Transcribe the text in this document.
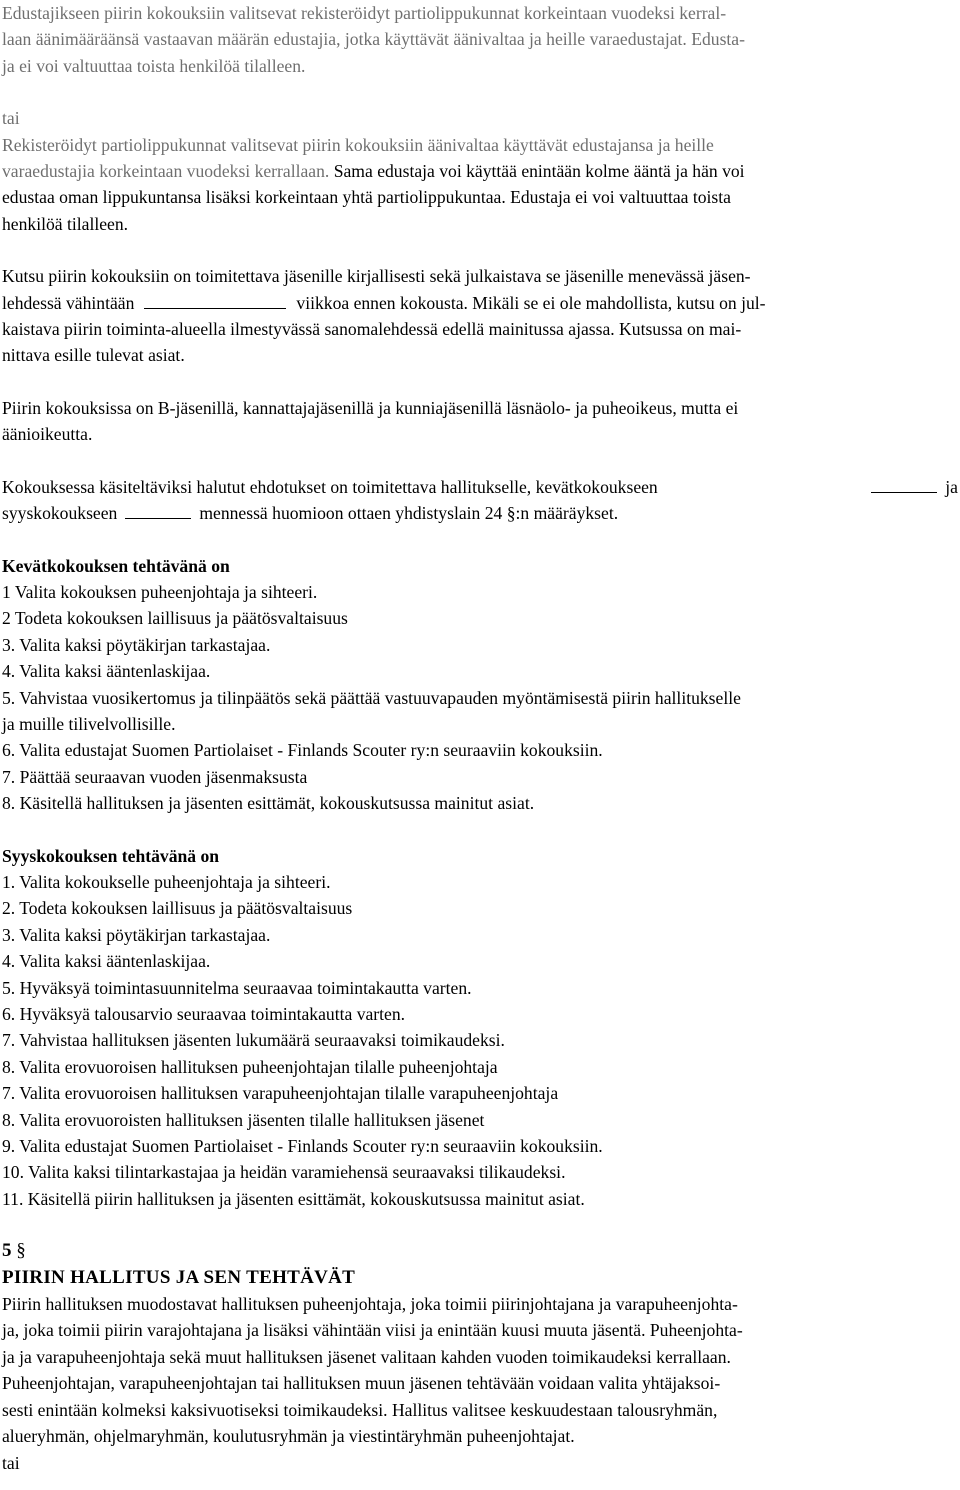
Edustajikseen piirin kokouksiin valitsevat rekisteröidyt partiolippukunnat korkeintaan vuodeksi kerral-

laan äänimääräänsä vastaavan määrän edustajia, jotka käyttävät äänivaltaa ja heille varaedustajat. Edusta-

ja ei voi valtuuttaa toista henkilöä tilalleen.

tai

Rekisteröidyt partiolippukunnat valitsevat piirin kokouksiin äänivaltaa käyttävät edustajansa ja heille

varaedustajia korkeintaan vuodeksi kerrallaan. Sama edustaja voi käyttää enintään kolme ääntä ja hän voi

edustaa oman lippukuntansa lisäksi korkeintaan yhtä partiolippukuntaa. Edustaja ei voi valtuuttaa toista

henkilöä tilalleen.

Kutsu piirin kokouksiin on toimitettava jäsenille kirjallisesti sekä julkaistava se jäsenille menevässä jäsen-

lehdessä vähintään	viikkoa ennen kokousta. Mikäli se ei ole mahdollista, kutsu on jul-

kaistava piirin toiminta-alueella ilmestyvässä sanomalehdessä edellä mainitussa ajassa. Kutsussa on mai-

nittava esille tulevat asiat.

Piirin kokouksissa on B-jäsenillä, kannattajajäsenillä ja kunniajäsenillä läsnäolo- ja puheoikeus, mutta ei

äänioikeutta.

Kokouksessa käsiteltäviksi halutut ehdotukset on toimitettava hallitukselle, kevätkokoukseen	ja

syyskokoukseen	mennessä huomioon ottaen yhdistyslain 24 §:n määräykset.

Kevätkokouksen tehtävänä on

1 Valita kokouksen puheenjohtaja ja sihteeri.
2 Todeta kokouksen laillisuus ja päätösvaltaisuus
3. Valita kaksi pöytäkirjan tarkastajaa.
4. Valita kaksi ääntenlaskijaa.
5. Vahvistaa vuosikertomus ja tilinpäätös sekä päättää vastuuvapauden myöntämisestä piirin hallitukselle
ja muille tilivelvollisille.
6. Valita edustajat Suomen Partiolaiset - Finlands Scouter ry:n seuraaviin kokouksiin.
7. Päättää seuraavan vuoden jäsenmaksusta
8. Käsitellä hallituksen ja jäsenten esittämät, kokouskutsussa mainitut asiat.

Syyskokouksen tehtävänä on

1. Valita kokoukselle puheenjohtaja ja sihteeri.
2. Todeta kokouksen laillisuus ja päätösvaltaisuus
3. Valita kaksi pöytäkirjan tarkastajaa.
4. Valita kaksi ääntenlaskijaa.
5. Hyväksyä toimintasuunnitelma seuraavaa toimintakautta varten.
6. Hyväksyä talousarvio seuraavaa toimintakautta varten.
7. Vahvistaa hallituksen jäsenten lukumäärä seuraavaksi toimikaudeksi.
8. Valita erovuoroisen hallituksen puheenjohtajan tilalle puheenjohtaja
7. Valita erovuoroisen hallituksen varapuheenjohtajan tilalle varapuheenjohtaja
8. Valita erovuoroisten hallituksen jäsenten tilalle hallituksen jäsenet
9. Valita edustajat Suomen Partiolaiset - Finlands Scouter ry:n seuraaviin kokouksiin.
10. Valita kaksi tilintarkastajaa ja heidän varamiehensä seuraavaksi tilikaudeksi.
11. Käsitellä piirin hallituksen ja jäsenten esittämät, kokouskutsussa mainitut asiat.

5 §

PIIRIN HALLITUS JA SEN TEHTÄVÄT

Piirin hallituksen muodostavat hallituksen puheenjohtaja, joka toimii piirinjohtajana ja varapuheenjohta-

ja, joka toimii piirin varajohtajana ja lisäksi vähintään viisi ja enintään kuusi muuta jäsentä. Puheenjohta-

ja ja varapuheenjohtaja sekä muut hallituksen jäsenet valitaan kahden vuoden toimikaudeksi kerrallaan.

Puheenjohtajan, varapuheenjohtajan tai hallituksen muun jäsenen tehtävään voidaan valita yhtäjaksoi-

sesti enintään kolmeksi kaksivuotiseksi toimikaudeksi. Hallitus valitsee keskuudestaan talousryhmän,

alueryhmän, ohjelmaryhmän, koulutusryhmän ja viestintäryhmän puheenjohtajat.

tai
